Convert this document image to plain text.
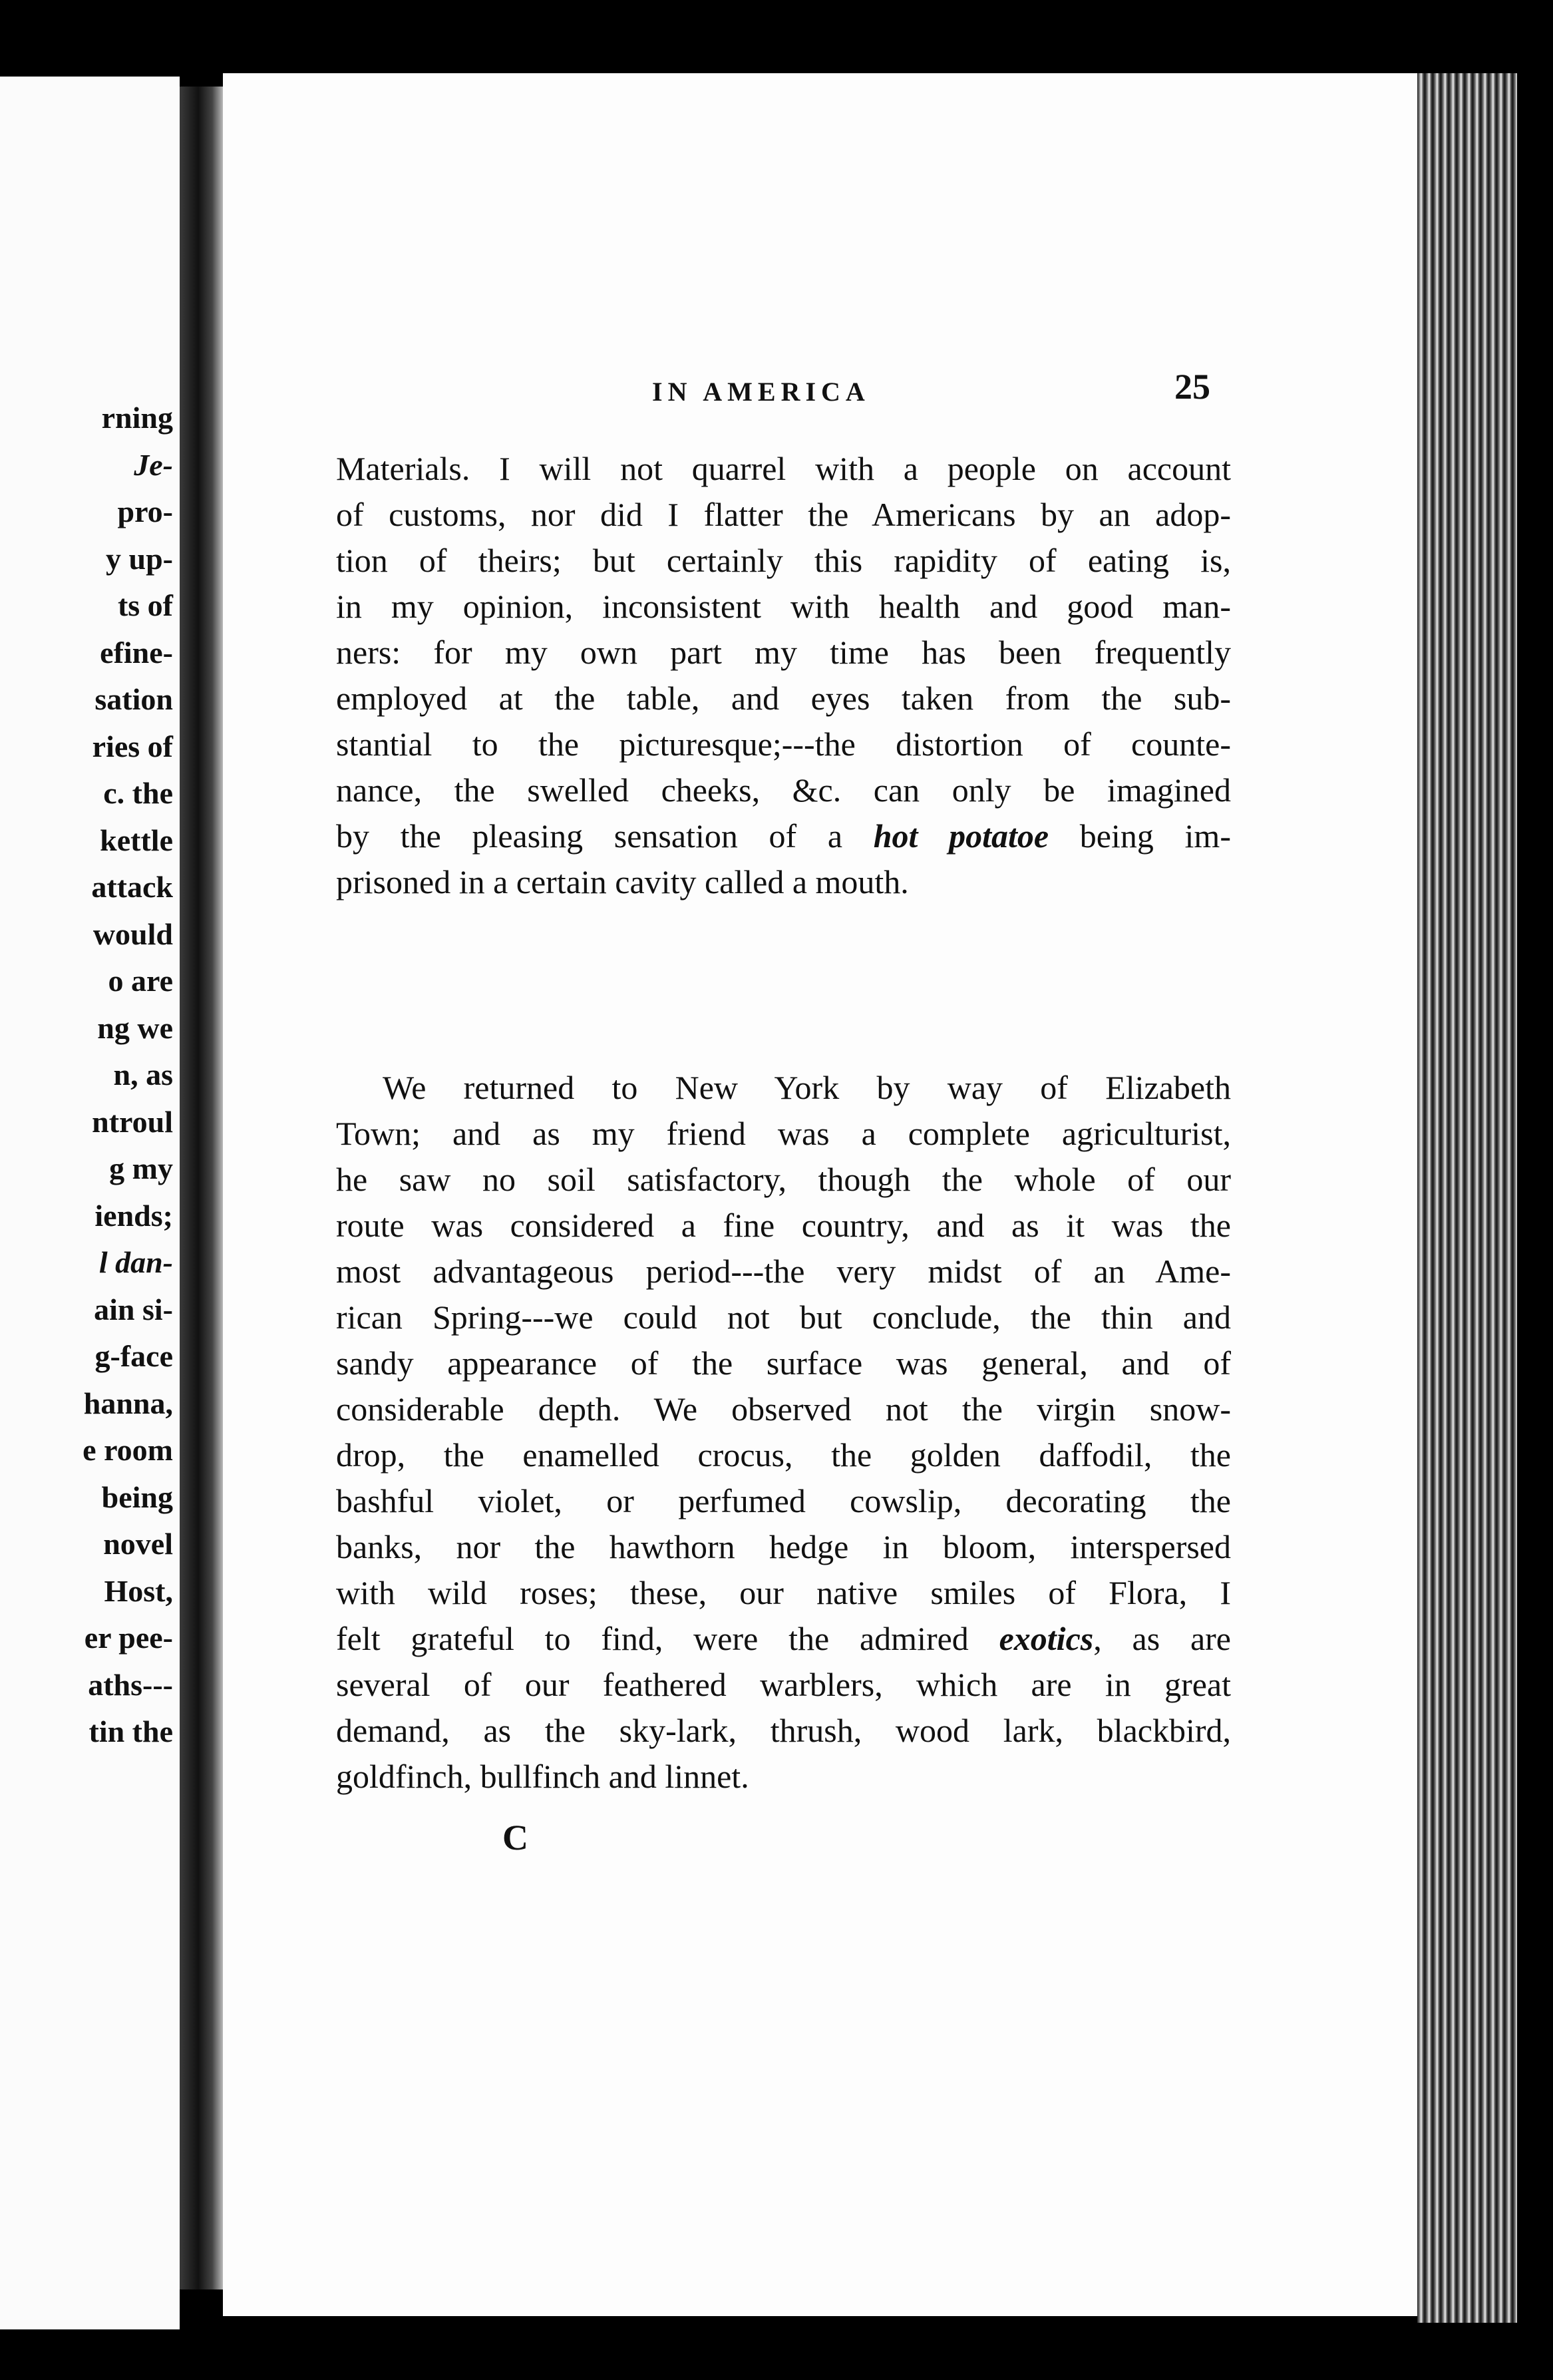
rning
Je-
pro-
y up-
ts of
efine-
sation
ries of
c. the
kettle
attack
would
o are
ng we
n, as
ntroul
g my
iends;
l dan-
ain si-
g-face
hanna,
e room
being
novel
Host,
er pee-
aths---
tin the
IN AMERICA	25
Materials. I will not quarrel with a people on account
of customs, nor did I flatter the Americans by an adop-
tion of theirs; but certainly this rapidity of eating is,
in my opinion, inconsistent with health and good man-
ners: for my own part my time has been frequently
employed at the table, and eyes taken from the sub-
stantial to the picturesque;---the distortion of counte-
nance, the swelled cheeks, &c. can only be imagined
by the pleasing sensation of a hot potatoe being im-
prisoned in a certain cavity called a mouth.
We returned to New York by way of Elizabeth
Town; and as my friend was a complete agriculturist,
he saw no soil satisfactory, though the whole of our
route was considered a fine country, and as it was the
most advantageous period---the very midst of an Ame-
rican Spring---we could not but conclude, the thin and
sandy appearance of the surface was general, and of
considerable depth. We observed not the virgin snow-
drop, the enamelled crocus, the golden daffodil, the
bashful violet, or perfumed cowslip, decorating the
banks, nor the hawthorn hedge in bloom, interspersed
with wild roses; these, our native smiles of Flora, I
felt grateful to find, were the admired exotics, as are
several of our feathered warblers, which are in great
demand, as the sky-lark, thrush, wood lark, blackbird,
goldfinch, bullfinch and linnet.
C
